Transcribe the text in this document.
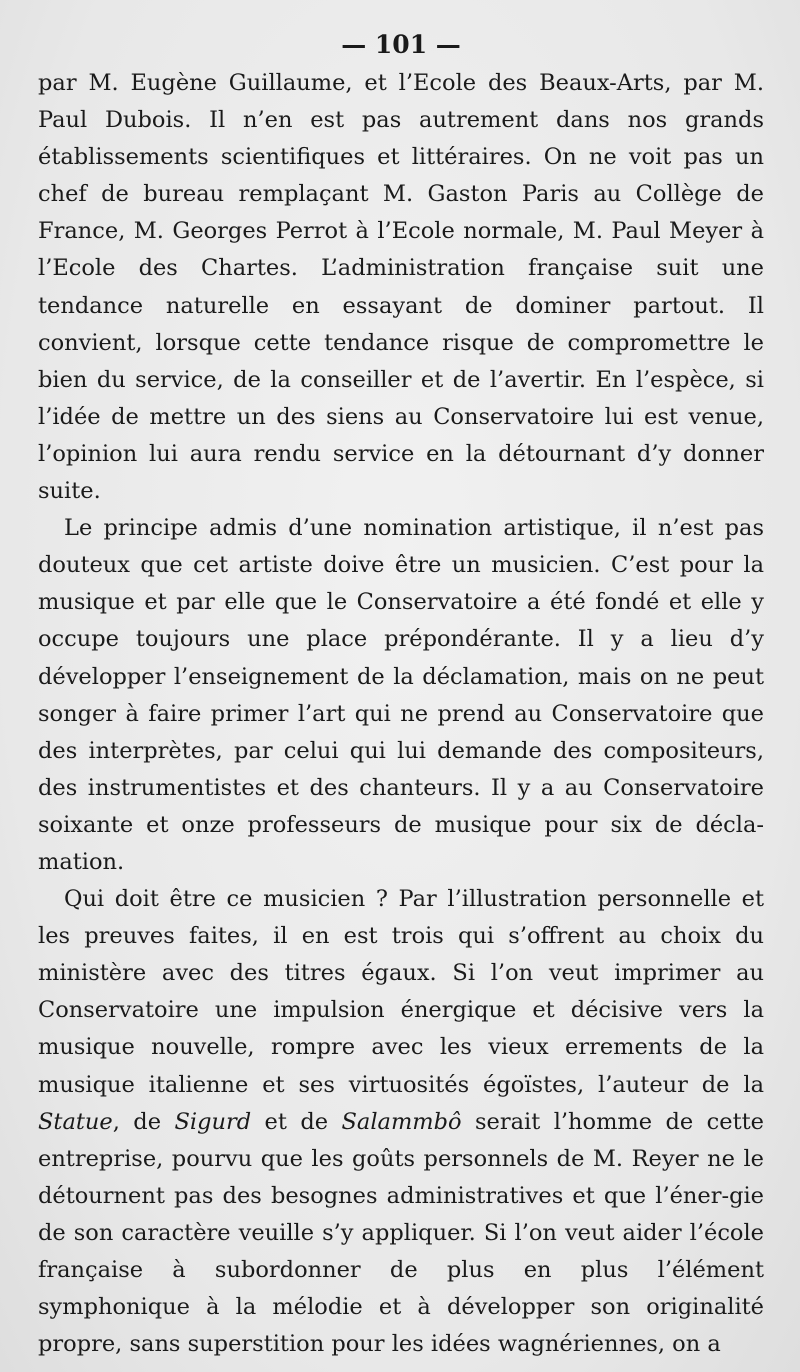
— 101 —

par M. Eugène Guillaume, et l’Ecole des Beaux-Arts, par M. Paul Dubois. Il n’en est pas autrement dans nos grands établissements scientifiques et littéraires. On ne voit pas un chef de bureau remplaçant M. Gaston Paris au Collège de France, M. Georges Perrot à l’Ecole normale, M. Paul Meyer à l’Ecole des Chartes. L’administration française suit une tendance naturelle en essayant de dominer partout. Il convient, lorsque cette tendance risque de compromettre le bien du service, de la conseiller et de l’avertir. En l’espèce, si l’idée de mettre un des siens au Conservatoire lui est venue, l’opinion lui aura rendu service en la détournant d’y donner suite.

Le principe admis d’une nomination artistique, il n’est pas douteux que cet artiste doive être un musicien. C’est pour la musique et par elle que le Conservatoire a été fondé et elle y occupe toujours une place prépondérante. Il y a lieu d’y développer l’enseignement de la déclamation, mais on ne peut songer à faire primer l’art qui ne prend au Conservatoire que des interprètes, par celui qui lui demande des compositeurs, des instrumentistes et des chanteurs. Il y a au Conservatoire soixante et onze professeurs de musique pour six de décla-mation.

Qui doit être ce musicien ? Par l’illustration personnelle et les preuves faites, il en est trois qui s’offrent au choix du ministère avec des titres égaux. Si l’on veut imprimer au Conservatoire une impulsion énergique et décisive vers la musique nouvelle, rompre avec les vieux errements de la musique italienne et ses virtuosités égoïstes, l’auteur de la Statue, de Sigurd et de Salammbô serait l’homme de cette entreprise, pourvu que les goûts personnels de M. Reyer ne le détournent pas des besognes administratives et que l’éner-gie de son caractère veuille s’y appliquer. Si l’on veut aider l’école française à subordonner de plus en plus l’élément symphonique à la mélodie et à développer son originalité propre, sans superstition pour les idées wagnériennes, on a
